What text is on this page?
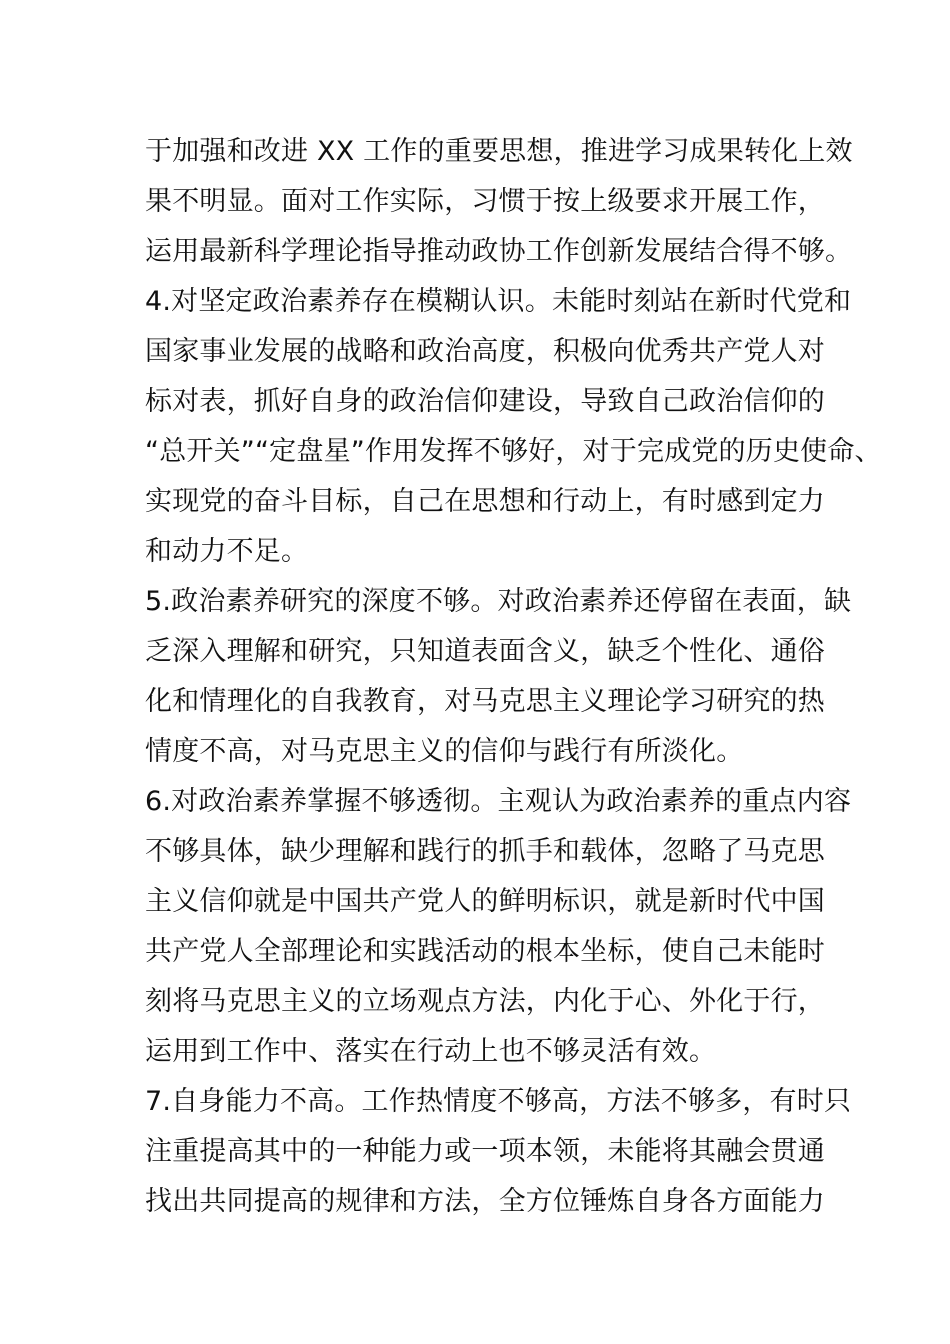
于加强和改进 XX 工作的重要思想，推进学习成果转化上效
果不明显。面对工作实际，习惯于按上级要求开展工作，
运用最新科学理论指导推动政协工作创新发展结合得不够。
4.对坚定政治素养存在模糊认识。未能时刻站在新时代党和
国家事业发展的战略和政治高度，积极向优秀共产党人对
标对表，抓好自身的政治信仰建设，导致自己政治信仰的
“总开关”“定盘星”作用发挥不够好，对于完成党的历史使命、
实现党的奋斗目标，自己在思想和行动上，有时感到定力
和动力不足。
5.政治素养研究的深度不够。对政治素养还停留在表面，缺
乏深入理解和研究，只知道表面含义，缺乏个性化、通俗
化和情理化的自我教育，对马克思主义理论学习研究的热
情度不高，对马克思主义的信仰与践行有所淡化。
6.对政治素养掌握不够透彻。主观认为政治素养的重点内容
不够具体，缺少理解和践行的抓手和载体，忽略了马克思
主义信仰就是中国共产党人的鲜明标识，就是新时代中国
共产党人全部理论和实践活动的根本坐标，使自己未能时
刻将马克思主义的立场观点方法，内化于心、外化于行，
运用到工作中、落实在行动上也不够灵活有效。
7.自身能力不高。工作热情度不够高，方法不够多，有时只
注重提高其中的一种能力或一项本领，未能将其融会贯通
找出共同提高的规律和方法，全方位锤炼自身各方面能力
